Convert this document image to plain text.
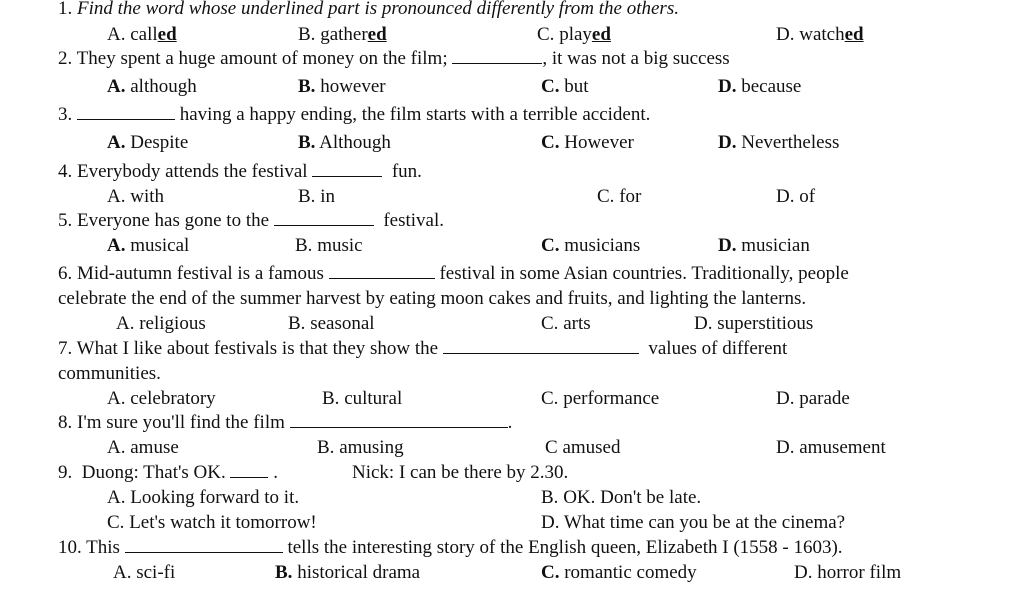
1. Find the word whose underlined part is pronounced differently from the others.
A. called	B. gathered	C. played	D. watched
2. They spent a huge amount of money on the film;	, it was not a big success
A. although	B. however	C. but	D. because
3.	having a happy ending, the film starts with a terrible accident.
A. Despite	B. Although	C. However	D. Nevertheless
4. Everybody attends the festival	fun.
A. with	B. in	C. for	D. of
5. Everyone has gone to the	festival.
A. musical	B. music	C. musicians	D. musician
6. Mid-autumn festival is a famous	festival in some Asian countries. Traditionally, people
celebrate the end of the summer harvest by eating moon cakes and fruits, and lighting the lanterns.
A. religious	B. seasonal	C. arts	D. superstitious
7. What I like about festivals is that they show the	values of different
communities.
A. celebratory	B. cultural	C. performance	D. parade
8. I'm sure you'll find the film	.
A. amuse	B. amusing	C amused	D. amusement
9. Duong: That's OK.	.	Nick: I can be there by 2.30.
A. Looking forward to it.	B. OK. Don't be late.
C. Let's watch it tomorrow!	D. What time can you be at the cinema?
10. This	tells the interesting story of the English queen, Elizabeth I (1558 - 1603).
A. sci-fi	B. historical drama	C. romantic comedy	D. horror film
